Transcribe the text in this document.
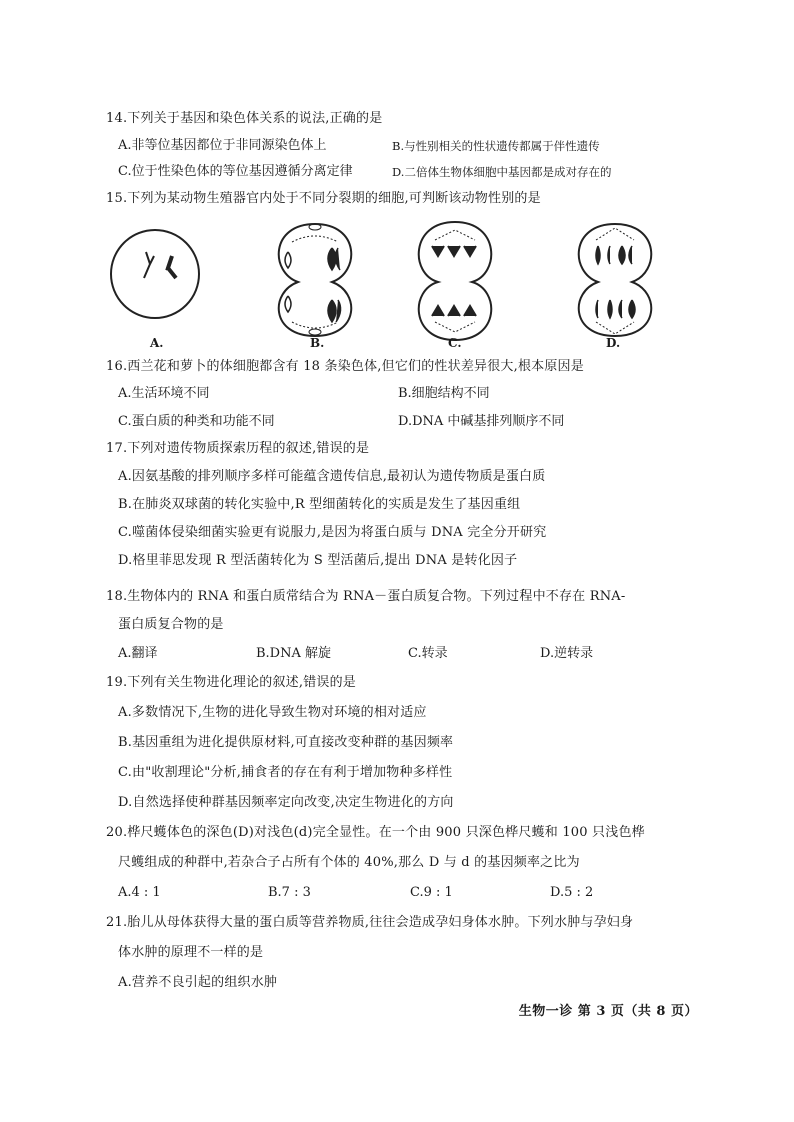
14.下列关于基因和染色体关系的说法,正确的是
A.非等位基因都位于非同源染色体上	B.与性别相关的性状遗传都属于伴性遗传
C.位于性染色体的等位基因遵循分离定律	D.二倍体生物体细胞中基因都是成对存在的
15.下列为某动物生殖器官内处于不同分裂期的细胞,可判断该动物性别的是
A.	B.	C.	D.
16.西兰花和萝卜的体细胞都含有 18 条染色体,但它们的性状差异很大,根本原因是
A.生活环境不同	B.细胞结构不同
C.蛋白质的种类和功能不同	D.DNA 中碱基排列顺序不同
17.下列对遗传物质探索历程的叙述,错误的是
A.因氨基酸的排列顺序多样可能蕴含遗传信息,最初认为遗传物质是蛋白质
B.在肺炎双球菌的转化实验中,R 型细菌转化的实质是发生了基因重组
C.噬菌体侵染细菌实验更有说服力,是因为将蛋白质与 DNA 完全分开研究
D.格里菲思发现 R 型活菌转化为 S 型活菌后,提出 DNA 是转化因子
18.生物体内的 RNA 和蛋白质常结合为 RNA－蛋白质复合物。下列过程中不存在 RNA-
蛋白质复合物的是
A.翻译	B.DNA 解旋	C.转录	D.逆转录
19.下列有关生物进化理论的叙述,错误的是
A.多数情况下,生物的进化导致生物对环境的相对适应
B.基因重组为进化提供原材料,可直接改变种群的基因频率
C.由"收割理论"分析,捕食者的存在有利于增加物种多样性
D.自然选择使种群基因频率定向改变,决定生物进化的方向
20.桦尺蠖体色的深色(D)对浅色(d)完全显性。在一个由 900 只深色桦尺蠖和 100 只浅色桦
尺蠖组成的种群中,若杂合子占所有个体的 40%,那么 D 与 d 的基因频率之比为
A.4 : 1	B.7 : 3	C.9 : 1	D.5 : 2
21.胎儿从母体获得大量的蛋白质等营养物质,往往会造成孕妇身体水肿。下列水肿与孕妇身
体水肿的原理不一样的是
A.营养不良引起的组织水肿
生物一诊 第 3 页（共 8 页）
